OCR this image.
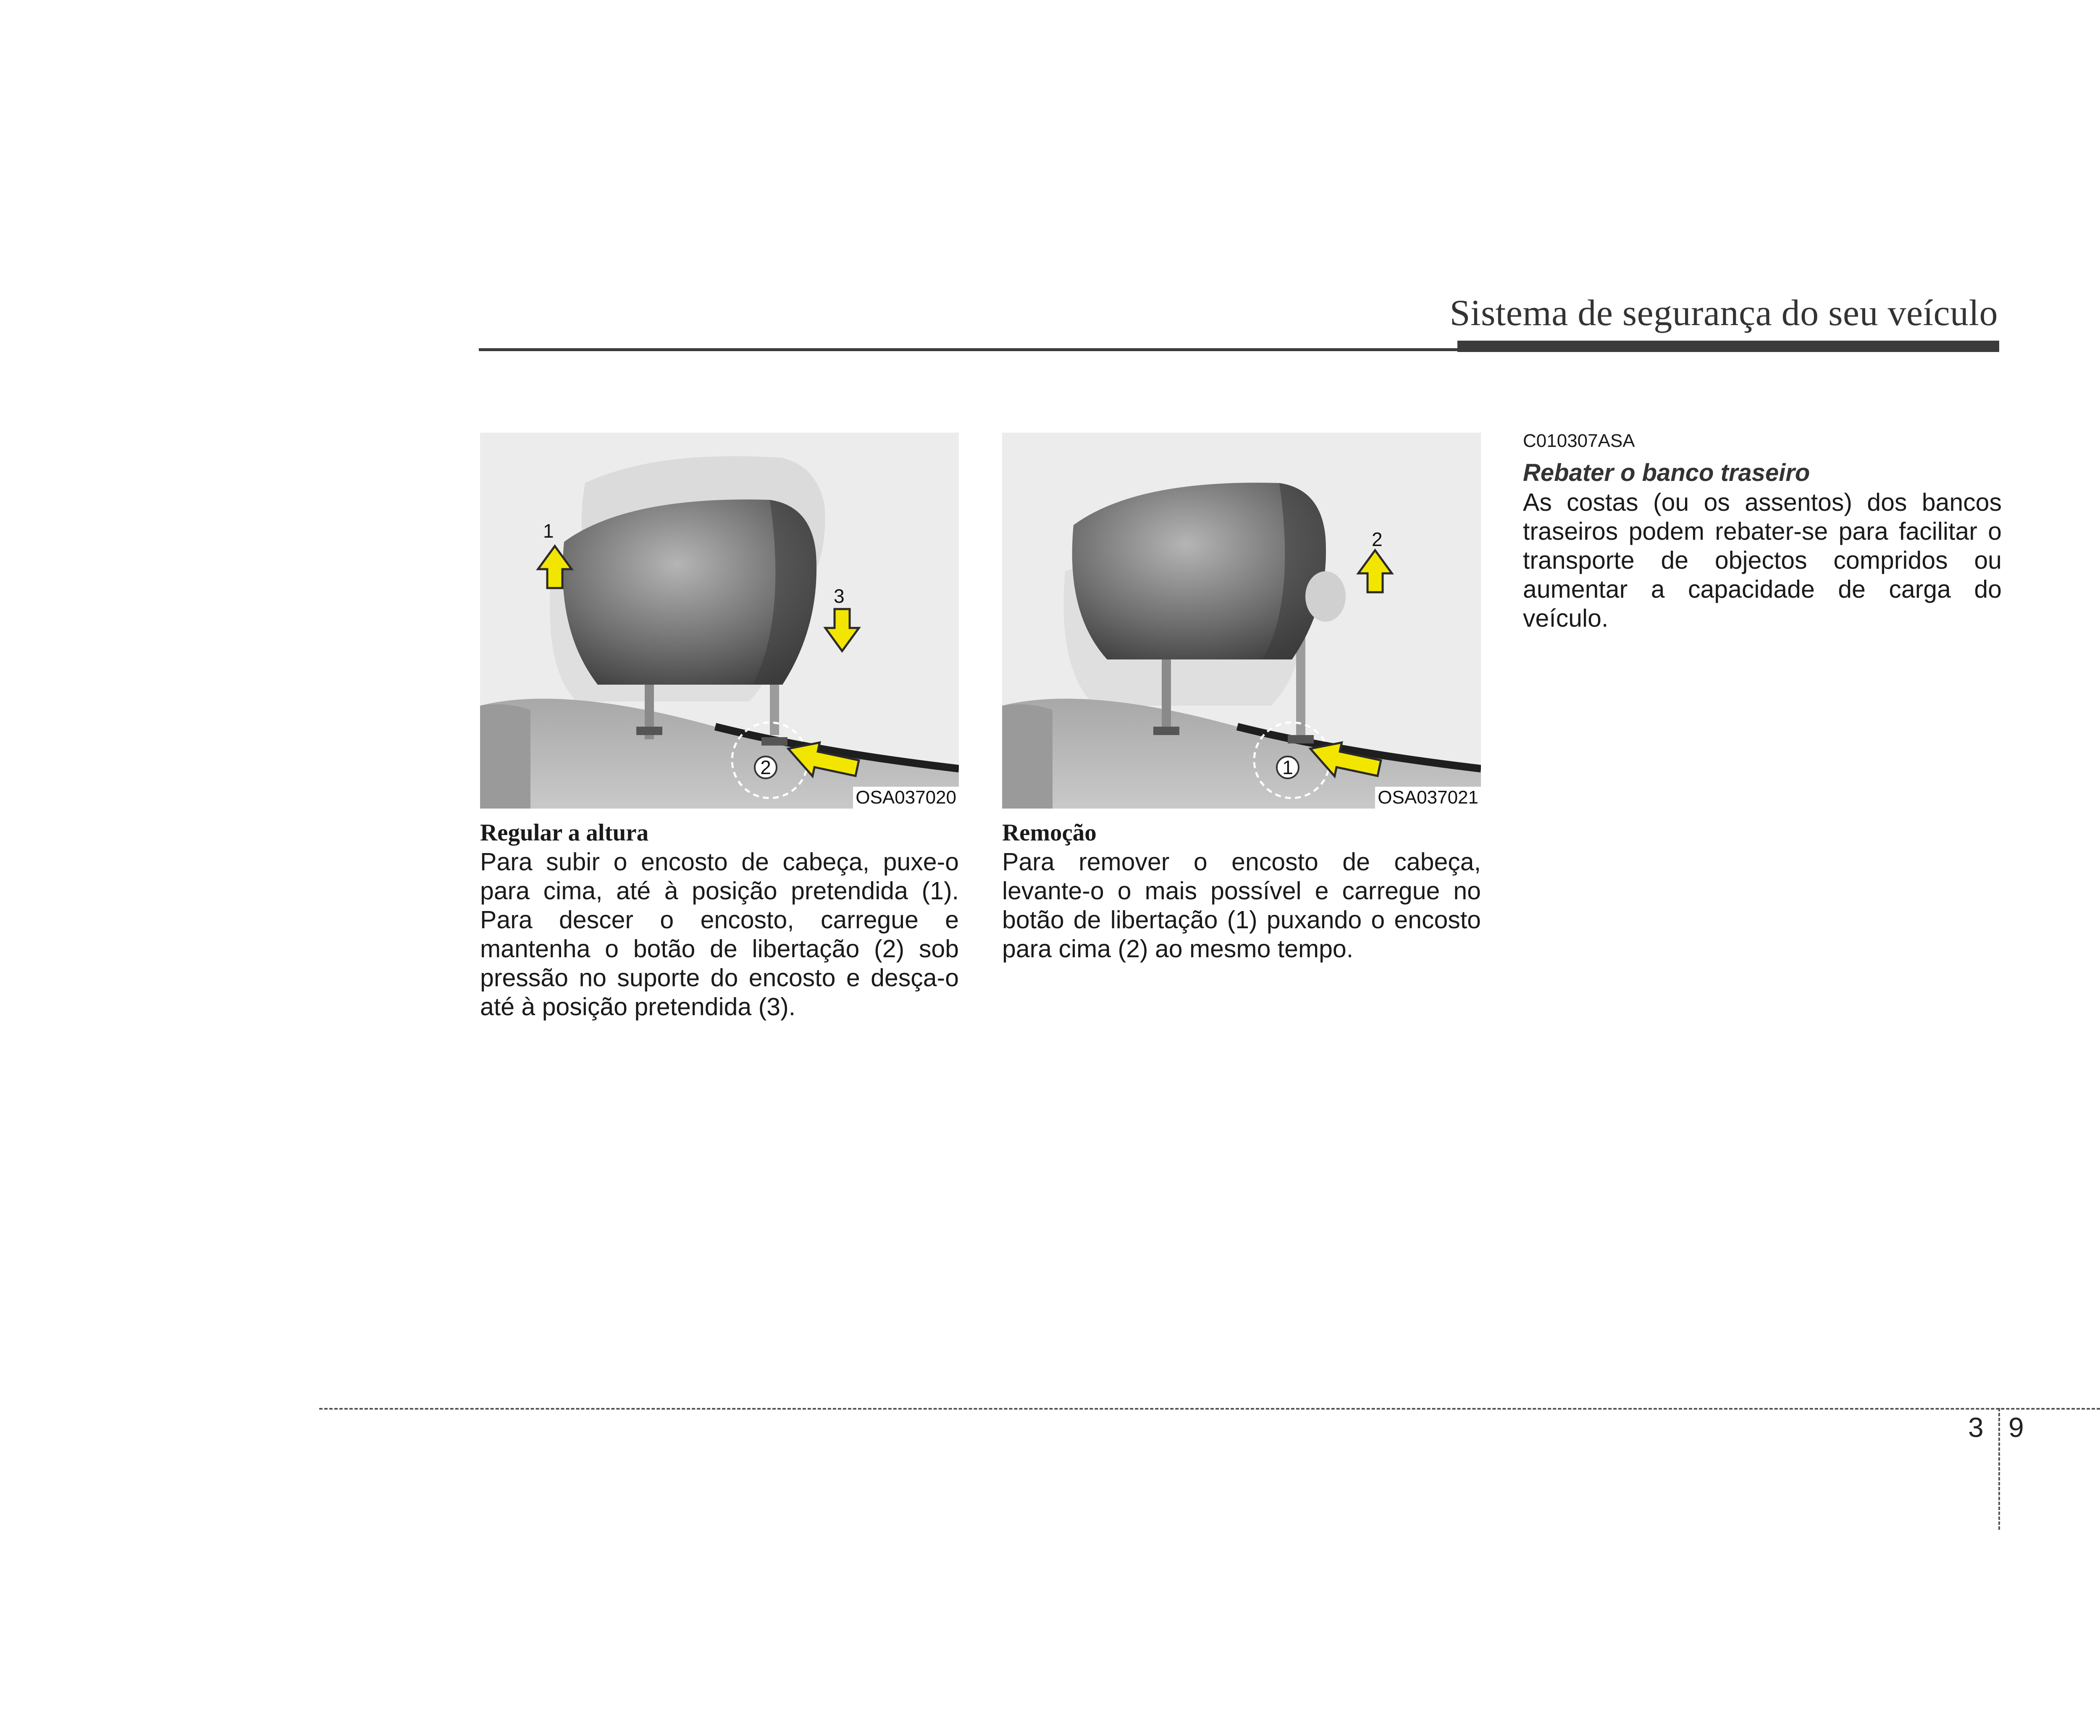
Sistema de segurança do seu veículo
1
3
2
OSA037020
2
1
OSA037021

Regular a altura

Para subir o encosto de cabeça, puxe-o para cima, até à posição pretendida (1). Para descer o encosto, carregue e mantenha o botão de libertação (2) sob pressão no suporte do encosto e desça-o até à posição pretendida (3).

Remoção

Para remover o encosto de cabeça, levante-o o mais possível e carregue no botão de libertação (1) puxando o encosto para cima (2) ao mesmo tempo.

C010307ASA

Rebater o banco traseiro

As costas (ou os assentos) dos bancos traseiros podem rebater-se para facilitar o transporte de objectos compridos ou aumentar a capacidade de carga do veículo.

3 9
